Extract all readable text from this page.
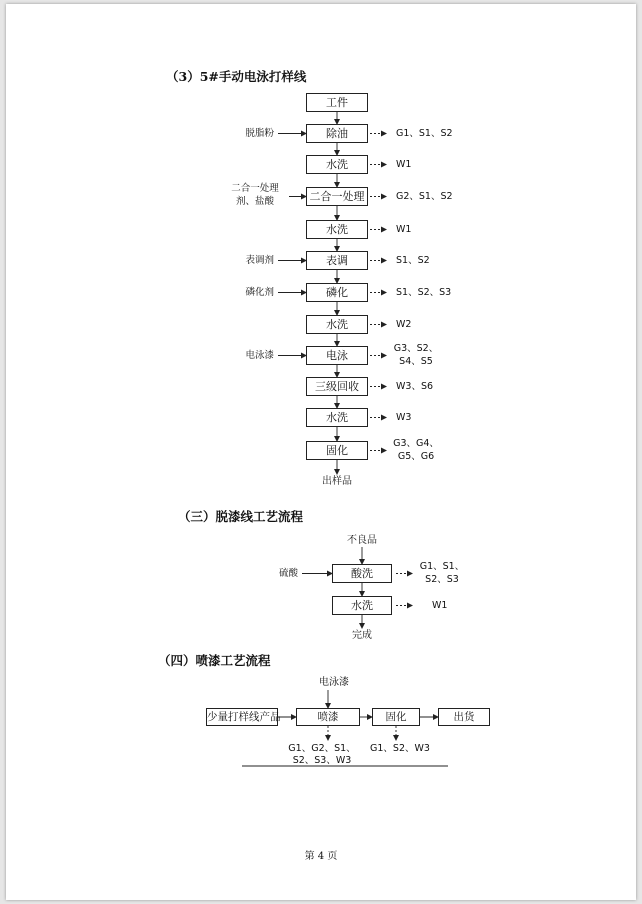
（3）5#手动电泳打样线
工件
除油
脱脂粉	G1、S1、S2
水洗	W1
二合一处理
二合一处理
剂、盐酸	G2、S1、S2
水洗	W1
表调
表调剂	S1、S2
磷化
磷化剂	S1、S2、S3
水洗	W2
电泳
电泳漆
G3、S2、
S4、S5
三级回收	W3、S6
水洗	W3
固化
G3、G4、
G5、G6
出样品
（三）脱漆线工艺流程
不良品
酸洗
硫酸
G1、S1、
S2、S3
水洗	W1
完成
（四）喷漆工艺流程
电泳漆
少量打样线产品	喷漆	固化	出货
G1、G2、S1、
S2、S3、W3
G1、S2、W3
第 4 页
